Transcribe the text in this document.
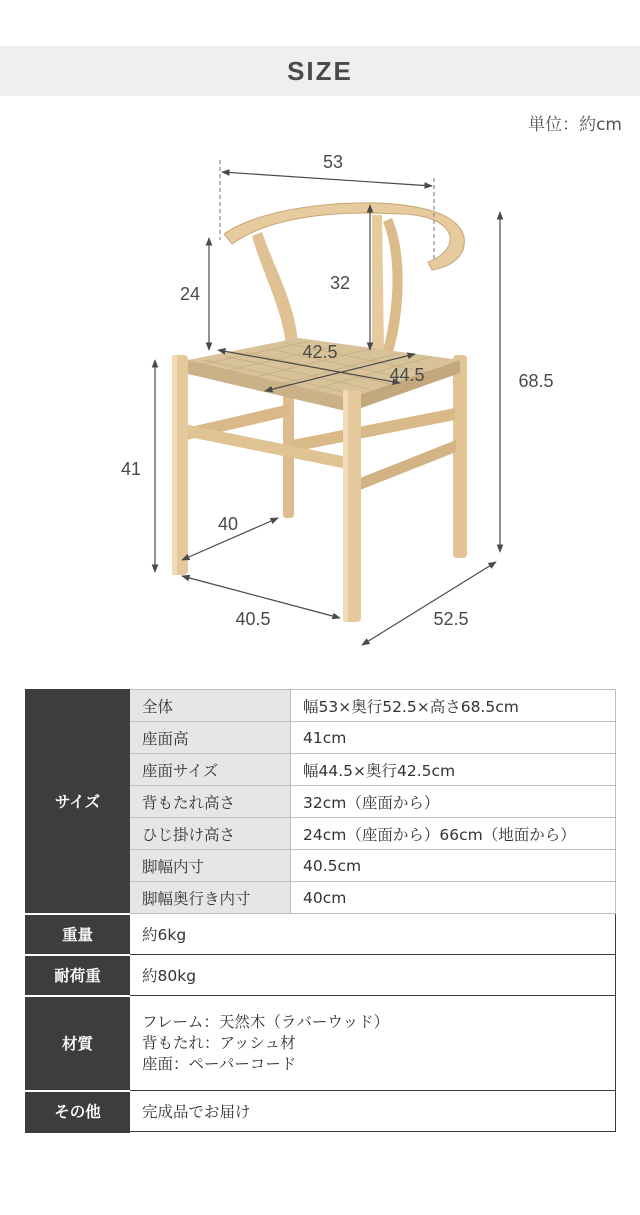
SIZE
単位：約cm
53
24
32
42.5
44.5	68.5
41
40
40.5	52.5
サイズ	全体	幅53×奥行52.5×高さ68.5cm
	座面高	41cm
	座面サイズ	幅44.5×奥行42.5cm
	背もたれ高さ	32cm（座面から）
	ひじ掛け高さ	24cm（座面から）66cm（地面から）
	脚幅内寸	40.5cm
	脚幅奥行き内寸	40cm
重量	約6kg	
耐荷重	約80kg	
材質	フレーム：天然木（ラバーウッド）
背もたれ：アッシュ材
座面：ペーパーコード	

その他	完成品でお届け	
